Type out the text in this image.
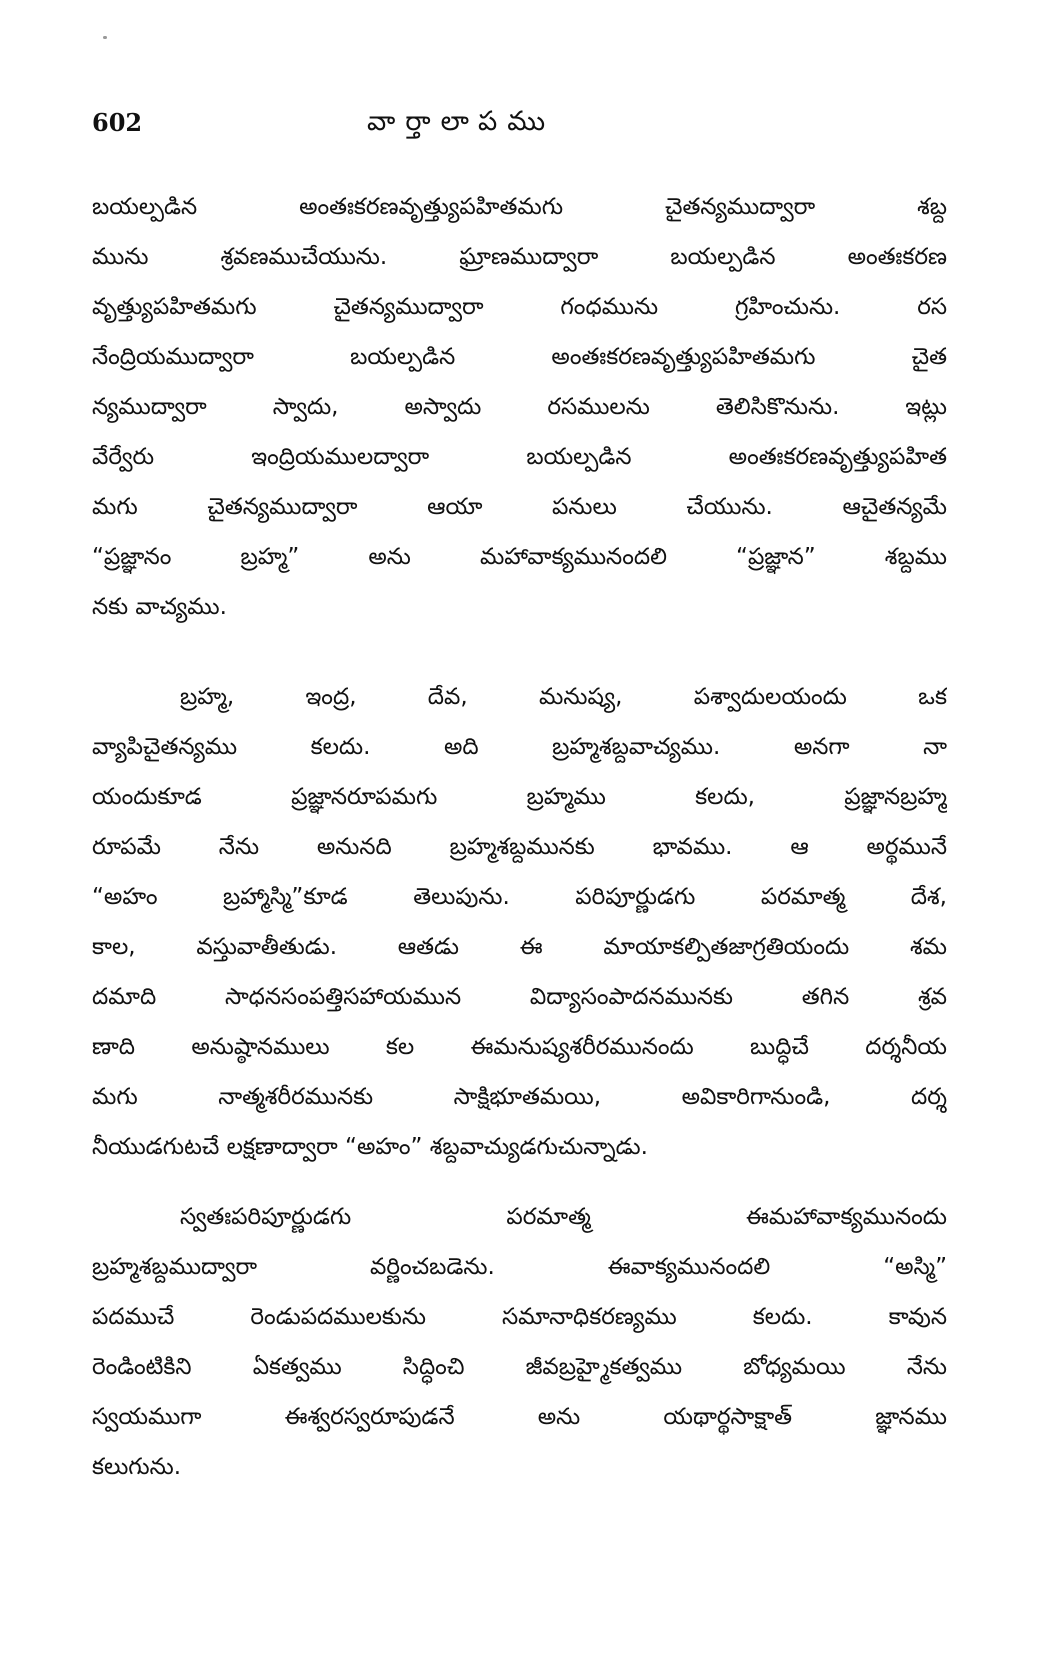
602	వార్తాలాపము
బయల్పడిన అంతఃకరణవృత్త్యుపహితమగు చైతన్యముద్వారా శబ్ద
మును శ్రవణముచేయును. ఘ్రాణముద్వారా బయల్పడిన అంతఃకరణ
వృత్త్యుపహితమగు చైతన్యముద్వారా గంధమును గ్రహించును. రస
నేంద్రియముద్వారా బయల్పడిన అంతఃకరణవృత్త్యుపహితమగు చైత
న్యముద్వారా స్వాదు, అస్వాదు రసములను తెలిసికొనును. ఇట్లు
వేర్వేరు ఇంద్రియములద్వారా బయల్పడిన అంతఃకరణవృత్త్యుపహిత
మగు చైతన్యముద్వారా ఆయా పనులు చేయును. ఆచైతన్యమే
“ప్రజ్ఞానం బ్రహ్మ” అను మహావాక్యమునందలి “ప్రజ్ఞాన” శబ్దము
నకు వాచ్యము.
బ్రహ్మ, ఇంద్ర, దేవ, మనుష్య, పశ్వాదులయందు ఒక
వ్యాపిచైతన్యము కలదు. అది బ్రహ్మశబ్దవాచ్యము. అనగా నా
యందుకూడ ప్రజ్ఞానరూపమగు బ్రహ్మము కలదు, ప్రజ్ఞానబ్రహ్మ
రూపమే నేను అనునది బ్రహ్మశబ్దమునకు భావము. ఆ అర్థమునే
“అహం బ్రహ్మాస్మి”కూడ తెలుపును. పరిపూర్ణుడగు పరమాత్మ దేశ,
కాల, వస్తువాతీతుడు. ఆతడు ఈ మాయాకల్పితజాగ్రతియందు శమ
దమాది సాధనసంపత్తిసహాయమున విద్యాసంపాదనమునకు తగిన శ్రవ
ణాది అనుష్ఠానములు కల ఈమనుష్యశరీరమునందు బుద్ధిచే దర్శనీయ
మగు నాత్మశరీరమునకు సాక్షిభూతమయి, అవికారిగానుండి, దర్శ
నీయుడగుటచే లక్షణాద్వారా “అహం” శబ్దవాచ్యుడగుచున్నాడు.
స్వతఃపరిపూర్ణుడగు పరమాత్మ ఈమహావాక్యమునందు
బ్రహ్మశబ్దముద్వారా వర్ణించబడెను. ఈవాక్యమునందలి “అస్మి”
పదముచే రెండుపదములకును సమానాధికరణ్యము కలదు. కావున
రెండింటికిని ఏకత్వము సిద్ధించి జీవబ్రహ్మైకత్వము బోధ్యమయి నేను
స్వయముగా ఈశ్వరస్వరూపుడనే అను యథార్థసాక్షాత్ జ్ఞానము
కలుగును.
